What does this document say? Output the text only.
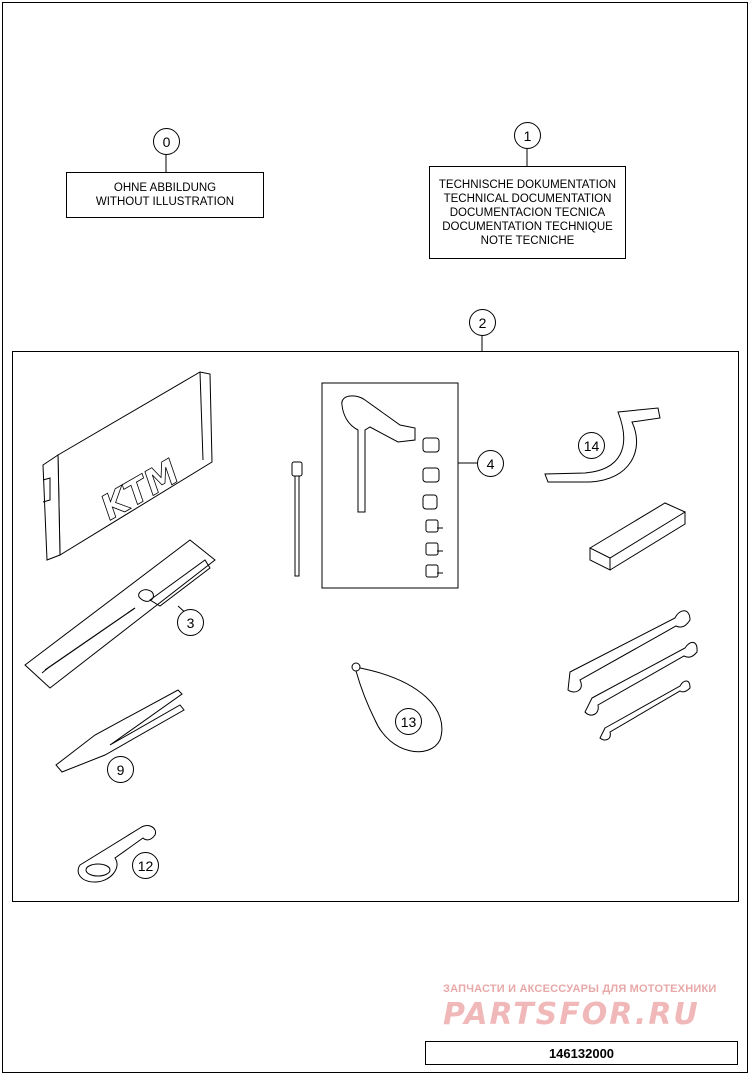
KTM
OHNE ABBILDUNG
WITHOUT ILLUSTRATION
TECHNISCHE DOKUMENTATION
TECHNICAL DOCUMENTATION
DOCUMENTACION TECNICA
DOCUMENTATION TECHNIQUE
NOTE TECNICHE
0	1
2
3
4
9
12
13
14
ЗАПЧАСТИ И АКСЕССУАРЫ ДЛЯ МОТОТЕХНИКИ
PARTSFOR.RU
146132000
